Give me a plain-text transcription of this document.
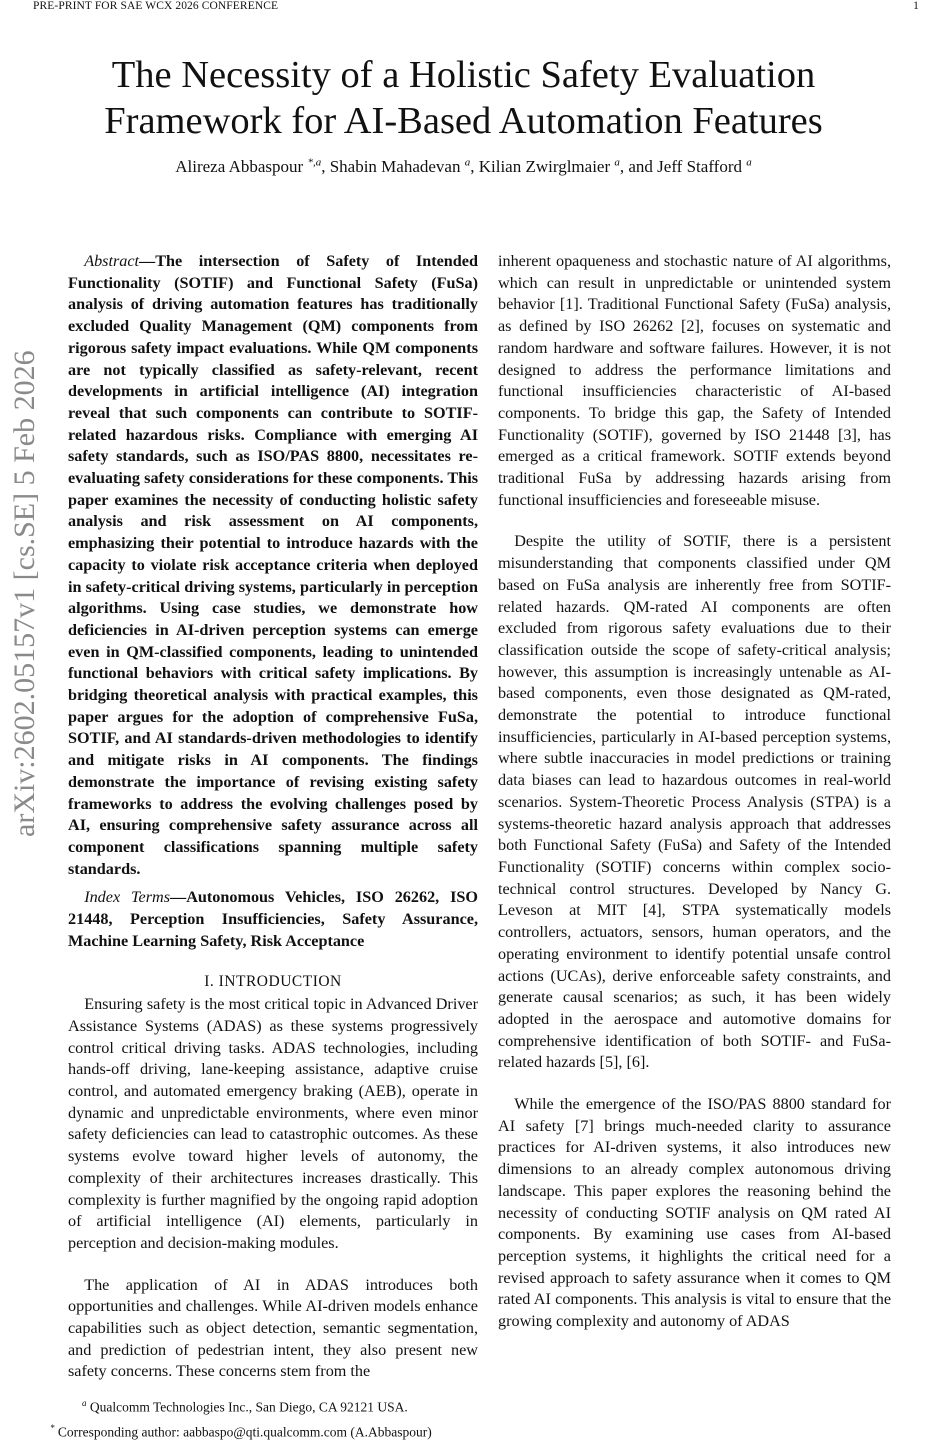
PRE-PRINT FOR SAE WCX 2026 CONFERENCE	1
The Necessity of a Holistic Safety Evaluation
Framework for AI-Based Automation Features
Alireza Abbaspour $^{*,a}$, Shabin Mahadevan $^a$, Kilian Zwirglmaier $^a$, and Jeff Stafford $^a$
arXiv:2602.05157v1 [cs.SE] 5 Feb 2026

Abstract—The intersection of Safety of Intended Functionality (SOTIF) and Functional Safety (FuSa) analysis of driving automation features has traditionally excluded Quality Management (QM) components from rigorous safety impact evaluations. While QM components are not typically classified as safety-relevant, recent developments in artificial intelligence (AI) integration reveal that such components can contribute to SOTIF-related hazardous risks. Compliance with emerging AI safety standards, such as ISO/PAS 8800, necessitates re-evaluating safety considerations for these components. This paper examines the necessity of conducting holistic safety analysis and risk assessment on AI components, emphasizing their potential to introduce hazards with the capacity to violate risk acceptance criteria when deployed in safety-critical driving systems, particularly in perception algorithms. Using case studies, we demonstrate how deficiencies in AI-driven perception systems can emerge even in QM-classified components, leading to unintended functional behaviors with critical safety implications. By bridging theoretical analysis with practical examples, this paper argues for the adoption of comprehensive FuSa, SOTIF, and AI standards-driven methodologies to identify and mitigate risks in AI components. The findings demonstrate the importance of revising existing safety frameworks to address the evolving challenges posed by AI, ensuring comprehensive safety assurance across all component classifications spanning multiple safety standards.

Index Terms—Autonomous Vehicles, ISO 26262, ISO 21448, Perception Insufficiencies, Safety Assurance, Machine Learning Safety, Risk Acceptance

I. INTRODUCTION

Ensuring safety is the most critical topic in Advanced Driver Assistance Systems (ADAS) as these systems progressively control critical driving tasks. ADAS technologies, including hands-off driving, lane-keeping assistance, adaptive cruise control, and automated emergency braking (AEB), operate in dynamic and unpredictable environments, where even minor safety deficiencies can lead to catastrophic outcomes. As these systems evolve toward higher levels of autonomy, the complexity of their architectures increases drastically. This complexity is further magnified by the ongoing rapid adoption of artificial intelligence (AI) elements, particularly in perception and decision-making modules.

The application of AI in ADAS introduces both opportunities and challenges. While AI-driven models enhance capabilities such as object detection, semantic segmentation, and prediction of pedestrian intent, they also present new safety concerns. These concerns stem from the

$^a$ Qualcomm Technologies Inc., San Diego, CA 92121 USA.
* Corresponding author: aabbaspo@qti.qualcomm.com (A.Abbaspour)

inherent opaqueness and stochastic nature of AI algorithms, which can result in unpredictable or unintended system behavior [1]. Traditional Functional Safety (FuSa) analysis, as defined by ISO 26262 [2], focuses on systematic and random hardware and software failures. However, it is not designed to address the performance limitations and functional insufficiencies characteristic of AI-based components. To bridge this gap, the Safety of Intended Functionality (SOTIF), governed by ISO 21448 [3], has emerged as a critical framework. SOTIF extends beyond traditional FuSa by addressing hazards arising from functional insufficiencies and foreseeable misuse.

Despite the utility of SOTIF, there is a persistent misunderstanding that components classified under QM based on FuSa analysis are inherently free from SOTIF-related hazards. QM-rated AI components are often excluded from rigorous safety evaluations due to their classification outside the scope of safety-critical analysis; however, this assumption is increasingly untenable as AI-based components, even those designated as QM-rated, demonstrate the potential to introduce functional insufficiencies, particularly in AI-based perception systems, where subtle inaccuracies in model predictions or training data biases can lead to hazardous outcomes in real-world scenarios. System-Theoretic Process Analysis (STPA) is a systems-theoretic hazard analysis approach that addresses both Functional Safety (FuSa) and Safety of the Intended Functionality (SOTIF) concerns within complex socio-technical control structures. Developed by Nancy G. Leveson at MIT [4], STPA systematically models controllers, actuators, sensors, human operators, and the operating environment to identify potential unsafe control actions (UCAs), derive enforceable safety constraints, and generate causal scenarios; as such, it has been widely adopted in the aerospace and automotive domains for comprehensive identification of both SOTIF- and FuSa-related hazards [5], [6].

While the emergence of the ISO/PAS 8800 standard for AI safety [7] brings much-needed clarity to assurance practices for AI-driven systems, it also introduces new dimensions to an already complex autonomous driving landscape. This paper explores the reasoning behind the necessity of conducting SOTIF analysis on QM rated AI components. By examining use cases from AI-based perception systems, it highlights the critical need for a revised approach to safety assurance when it comes to QM rated AI components. This analysis is vital to ensure that the growing complexity and autonomy of ADAS
